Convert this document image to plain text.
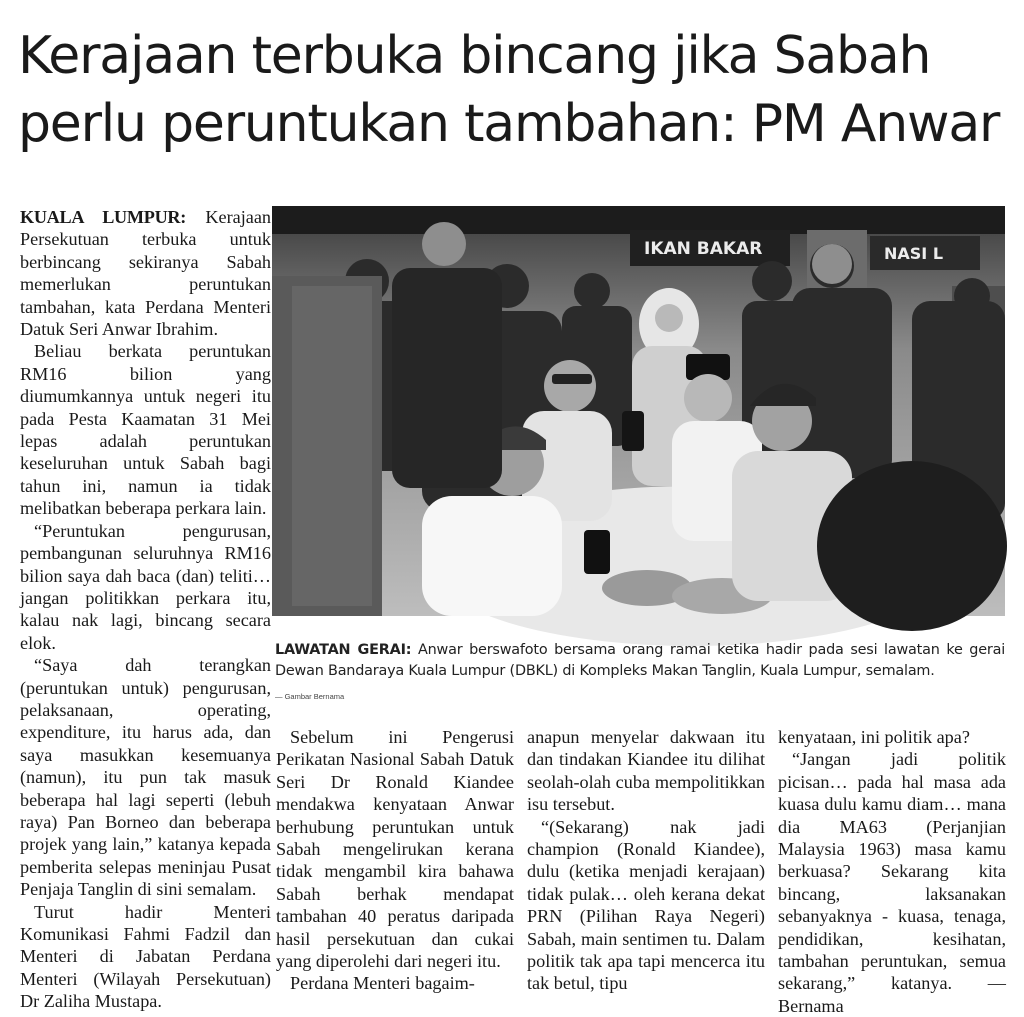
Kerajaan terbuka bincang jika Sabah perlu peruntukan tambahan: PM Anwar

KUALA LUMPUR: Kerajaan Persekutuan terbuka untuk berbincang sekiranya Sabah memerlukan peruntukan tambahan, kata Perdana Menteri Datuk Seri Anwar Ibrahim.

Beliau berkata peruntukan RM16 bilion yang diumumkannya untuk negeri itu pada Pesta Kaamatan 31 Mei lepas adalah peruntukan keseluruhan untuk Sabah bagi tahun ini, namun ia tidak melibatkan beberapa perkara lain.

“Peruntukan pengurusan, pembangunan seluruhnya RM16 bilion saya dah baca (dan) teliti… jangan politikkan perkara itu, kalau nak lagi, bincang secara elok.

“Saya dah terangkan (peruntukan untuk) pengurusan, pelaksanaan, operating, expenditure, itu harus ada, dan saya masukkan kesemuanya (namun), itu pun tak masuk beberapa hal lagi seperti (lebuh raya) Pan Borneo dan beberapa projek yang lain,” katanya kepada pemberita selepas meninjau Pusat Penjaja Tanglin di sini semalam.

Turut hadir Menteri Komunikasi Fahmi Fadzil dan Menteri di Jabatan Perdana Menteri (Wilayah Persekutuan) Dr Zaliha Mustapa.

IKAN BAKAR	NASI L
LAWATAN GERAI: Anwar berswafoto bersama orang ramai ketika hadir pada sesi lawatan ke gerai Dewan Bandaraya Kuala Lumpur (DBKL) di Kompleks Makan Tanglin, Kuala Lumpur, semalam.
— Gambar Bernama

Sebelum ini Pengerusi Perikatan Nasional Sabah Datuk Seri Dr Ronald Kiandee mendakwa kenyataan Anwar berhubung peruntukan untuk Sabah mengelirukan kerana tidak mengambil kira bahawa Sabah berhak mendapat tambahan 40 peratus daripada hasil persekutuan dan cukai yang diperolehi dari negeri itu.

Perdana Menteri bagaim-

anapun menyelar dakwaan itu dan tindakan Kiandee itu dilihat seolah-olah cuba mempolitikkan isu tersebut.

“(Sekarang) nak jadi champion (Ronald Kiandee), dulu (ketika menjadi kerajaan) tidak pulak… oleh kerana dekat PRN (Pilihan Raya Negeri) Sabah, main sentimen tu. Dalam politik tak apa tapi mencerca itu tak betul, tipu

kenyataan, ini politik apa?

“Jangan jadi politik picisan… pada hal masa ada kuasa dulu kamu diam… mana dia MA63 (Perjanjian Malaysia 1963) masa kamu berkuasa? Sekarang kita bincang, laksanakan sebanyaknya - kuasa, tenaga, pendidikan, kesihatan, tambahan peruntukan, semua sekarang,” katanya. — Bernama
